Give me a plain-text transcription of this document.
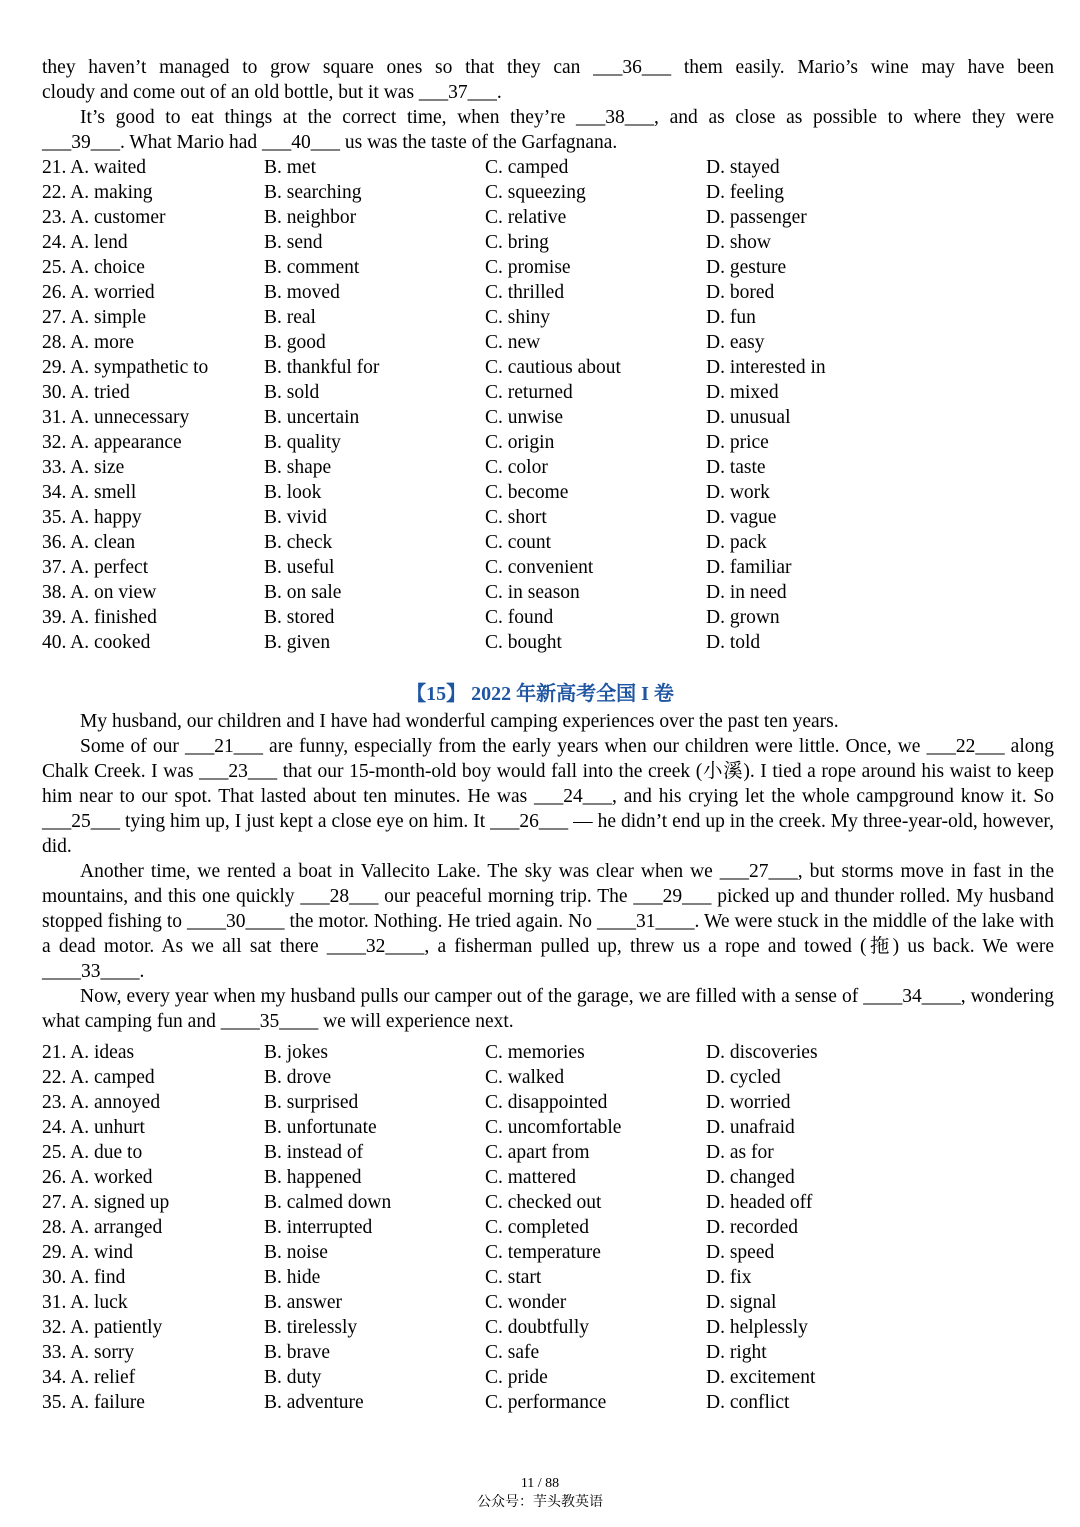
they haven’t managed to grow square ones so that they can ___36___ them easily. Mario’s wine may have been

cloudy and come out of an old bottle, but it was ___37___.

It’s good to eat things at the correct time, when they’re ___38___, and as close as possible to where they were

___39___. What Mario had ___40___ us was the taste of the Garfagnana.

21. A. waited	B. met	C. camped	D. stayed
22. A. making	B. searching	C. squeezing	D. feeling
23. A. customer	B. neighbor	C. relative	D. passenger
24. A. lend	B. send	C. bring	D. show
25. A. choice	B. comment	C. promise	D. gesture
26. A. worried	B. moved	C. thrilled	D. bored
27. A. simple	B. real	C. shiny	D. fun
28. A. more	B. good	C. new	D. easy
29. A. sympathetic to	B. thankful for	C. cautious about	D. interested in
30. A. tried	B. sold	C. returned	D. mixed
31. A. unnecessary	B. uncertain	C. unwise	D. unusual
32. A. appearance	B. quality	C. origin	D. price
33. A. size	B. shape	C. color	D. taste
34. A. smell	B. look	C. become	D. work
35. A. happy	B. vivid	C. short	D. vague
36. A. clean	B. check	C. count	D. pack
37. A. perfect	B. useful	C. convenient	D. familiar
38. A. on view	B. on sale	C. in season	D. in need
39. A. finished	B. stored	C. found	D. grown
40. A. cooked	B. given	C. bought	D. told
【15】 2022 年新高考全国 I 卷

My husband, our children and I have had wonderful camping experiences over the past ten years.

Some of our ___21___ are funny, especially from the early years when our children were little. Once, we ___22___ along Chalk Creek. I was ___23___ that our 15-month-old boy would fall into the creek (小溪). I tied a rope around his waist to keep him near to our spot. That lasted about ten minutes. He was ___24___, and his crying let the whole campground know it. So ___25___ tying him up, I just kept a close eye on him. It ___26___ — he didn’t end up in the creek. My three-year-old, however, did.

Another time, we rented a boat in Vallecito Lake. The sky was clear when we ___27___, but storms move in fast in the mountains, and this one quickly ___28___ our peaceful morning trip. The ___29___ picked up and thunder rolled. My husband stopped fishing to ____30____ the motor. Nothing. He tried again. No ____31____. We were stuck in the middle of the lake with a dead motor. As we all sat there ____32____, a fisherman pulled up, threw us a rope and towed (拖) us back. We were ____33____.

Now, every year when my husband pulls our camper out of the garage, we are filled with a sense of ____34____, wondering what camping fun and ____35____ we will experience next.

21. A. ideas	B. jokes	C. memories	D. discoveries
22. A. camped	B. drove	C. walked	D. cycled
23. A. annoyed	B. surprised	C. disappointed	D. worried
24. A. unhurt	B. unfortunate	C. uncomfortable	D. unafraid
25. A. due to	B. instead of	C. apart from	D. as for
26. A. worked	B. happened	C. mattered	D. changed
27. A. signed up	B. calmed down	C. checked out	D. headed off
28. A. arranged	B. interrupted	C. completed	D. recorded
29. A. wind	B. noise	C. temperature	D. speed
30. A. find	B. hide	C. start	D. fix
31. A. luck	B. answer	C. wonder	D. signal
32. A. patiently	B. tirelessly	C. doubtfully	D. helplessly
33. A. sorry	B. brave	C. safe	D. right
34. A. relief	B. duty	C. pride	D. excitement
35. A. failure	B. adventure	C. performance	D. conflict
11 / 88
公众号：芋头教英语
